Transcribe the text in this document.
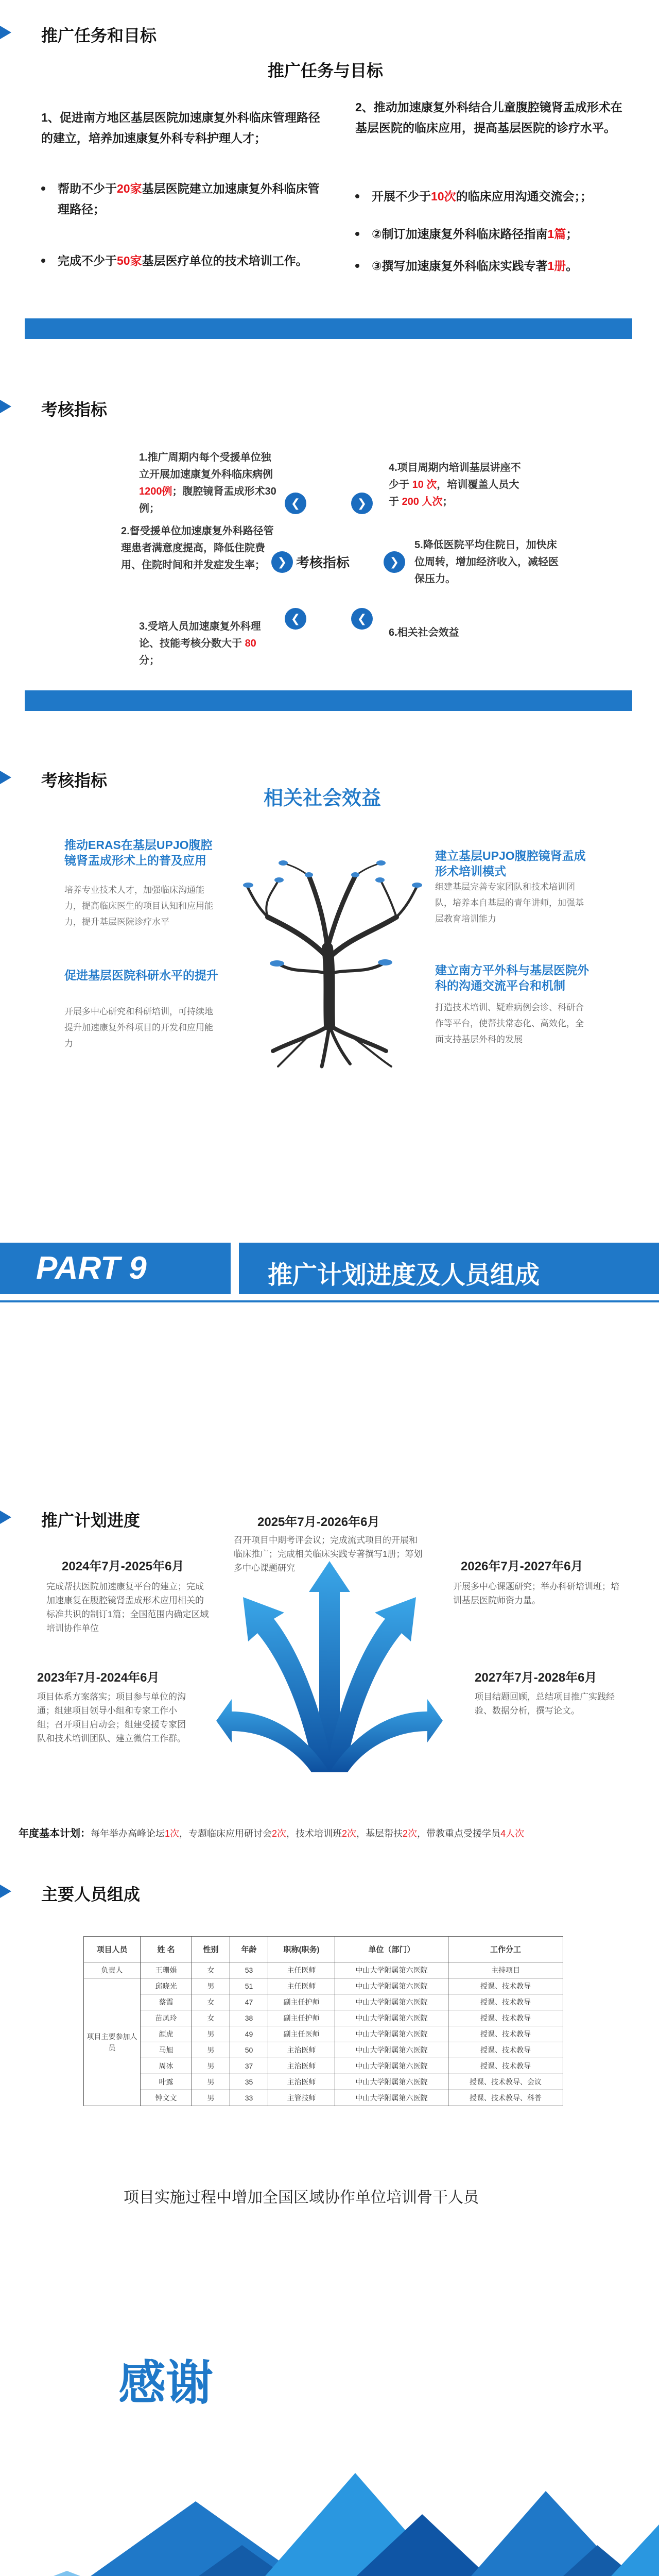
推广任务和目标
推广任务与目标
1、促进南方地区基层医院加速康复外科临床管理路径的建立，培养加速康复外科专科护理人才；
帮助不少于20家基层医院建立加速康复外科临床管理路径；
完成不少于50家基层医疗单位的技术培训工作。
2、推动加速康复外科结合儿童腹腔镜肾盂成形术在基层医院的临床应用，提高基层医院的诊疗水平。
开展不少于10次的临床应用沟通交流会；；
②制订加速康复外科临床路径指南1篇；
③撰写加速康复外科临床实践专著1册。
考核指标
1.推广周期内每个受援单位独立开展加速康复外科临床病例1200例；腹腔镜肾盂成形术30例；
2.督受援单位加速康复外科路径管理患者满意度提高，降低住院费用、住院时间和并发症发生率；
3.受培人员加速康复外科理论、技能考核分数大于 80 分；
4.项目周期内培训基层讲座不少于 10 次，培训覆盖人员大于 200 人次；
5.降低医院平均住院日，加快床位周转，增加经济收入，减轻医保压力。
6.相关社会效益
❮
❯
❮
❯
❯
❮
考核指标
考核指标
相关社会效益
推动ERAS在基层UPJO腹腔镜肾盂成形术上的普及应用
培养专业技术人才，加强临床沟通能力，提高临床医生的项目认知和应用能力，提升基层医院诊疗水平
促进基层医院科研水平的提升
开展多中心研究和科研培训，可持续地提升加速康复外科项目的开发和应用能力
建立基层UPJO腹腔镜肾盂成形术培训模式
组建基层完善专家团队和技术培训团队，培养本自基层的青年讲师，加强基层教育培训能力
建立南方平外科与基层医院外科的沟通交流平台和机制
打造技术培训、疑难病例会诊、科研合作等平台，使帮扶常态化、高效化，全面支持基层外科的发展
PART 9	推广计划进度及人员组成
推广计划进度
2024年7月-2025年6月
完成帮扶医院加速康复平台的建立；完成加速康复在腹腔镜肾盂成形术应用相关的标准共识的制订1篇；全国范围内确定区域培训协作单位
2023年7月-2024年6月
项目体系方案落实；项目参与单位的沟通；组建项目领导小组和专家工作小组；召开项目启动会；组建受援专家团队和技术培训团队、建立微信工作群。
2025年7月-2026年6月
召开项目中期考评会议；完成流式项目的开展和临床推广；完成相关临床实践专著撰写1册；筹划多中心课题研究	2026年7月-2027年6月
开展多中心课题研究；举办科研培训班；培训基层医院师资力量。
2027年7月-2028年6月
项目结题回顾，总结项目推广实践经验、数据分析，撰写论文。
年度基本计划：每年举办高峰论坛1次，专题临床应用研讨会2次，技术培训班2次，基层帮扶2次，带教重点受援学员4人次
主要人员组成
项目人员	姓 名	性别	年龄	职称(职务)	单位（部门）	工作分工
负责人	王珊娟	女	53	主任医师	中山大学附属第六医院	主持项目
项目主要参加人员	邱晓光	男	51	主任医师	中山大学附属第六医院	授课、技术教导
	蔡霞	女	47	副主任护师	中山大学附属第六医院	授课、技术教导
	苗凤玲	女	38	副主任护师	中山大学附属第六医院	授课、技术教导
	颜虎	男	49	副主任医师	中山大学附属第六医院	授课、技术教导
	马旭	男	50	主治医师	中山大学附属第六医院	授课、技术教导
	周冰	男	37	主治医师	中山大学附属第六医院	授课、技术教导
	叶露	男	35	主治医师	中山大学附属第六医院	授课、技术教导、会议
	钟文文	男	33	主管技师	中山大学附属第六医院	授课、技术教导、科普
项目实施过程中增加全国区域协作单位培训骨干人员
感谢
